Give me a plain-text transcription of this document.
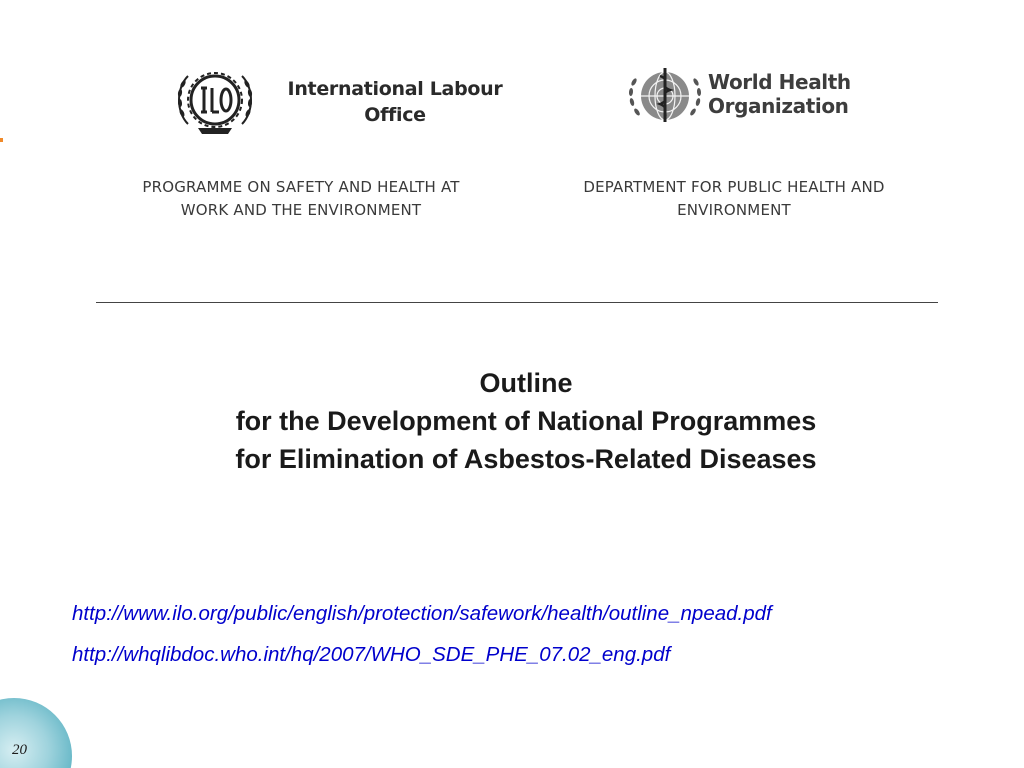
International Labour
Office
World Health
Organization
PROGRAMME ON SAFETY AND HEALTH AT
WORK AND THE ENVIRONMENT
DEPARTMENT FOR PUBLIC HEALTH AND
ENVIRONMENT
Outline
for the Development of National Programmes
for Elimination of Asbestos-Related Diseases
http://www.ilo.org/public/english/protection/safework/health/outline_npead.pdf
http://whqlibdoc.who.int/hq/2007/WHO_SDE_PHE_07.02_eng.pdf
20
